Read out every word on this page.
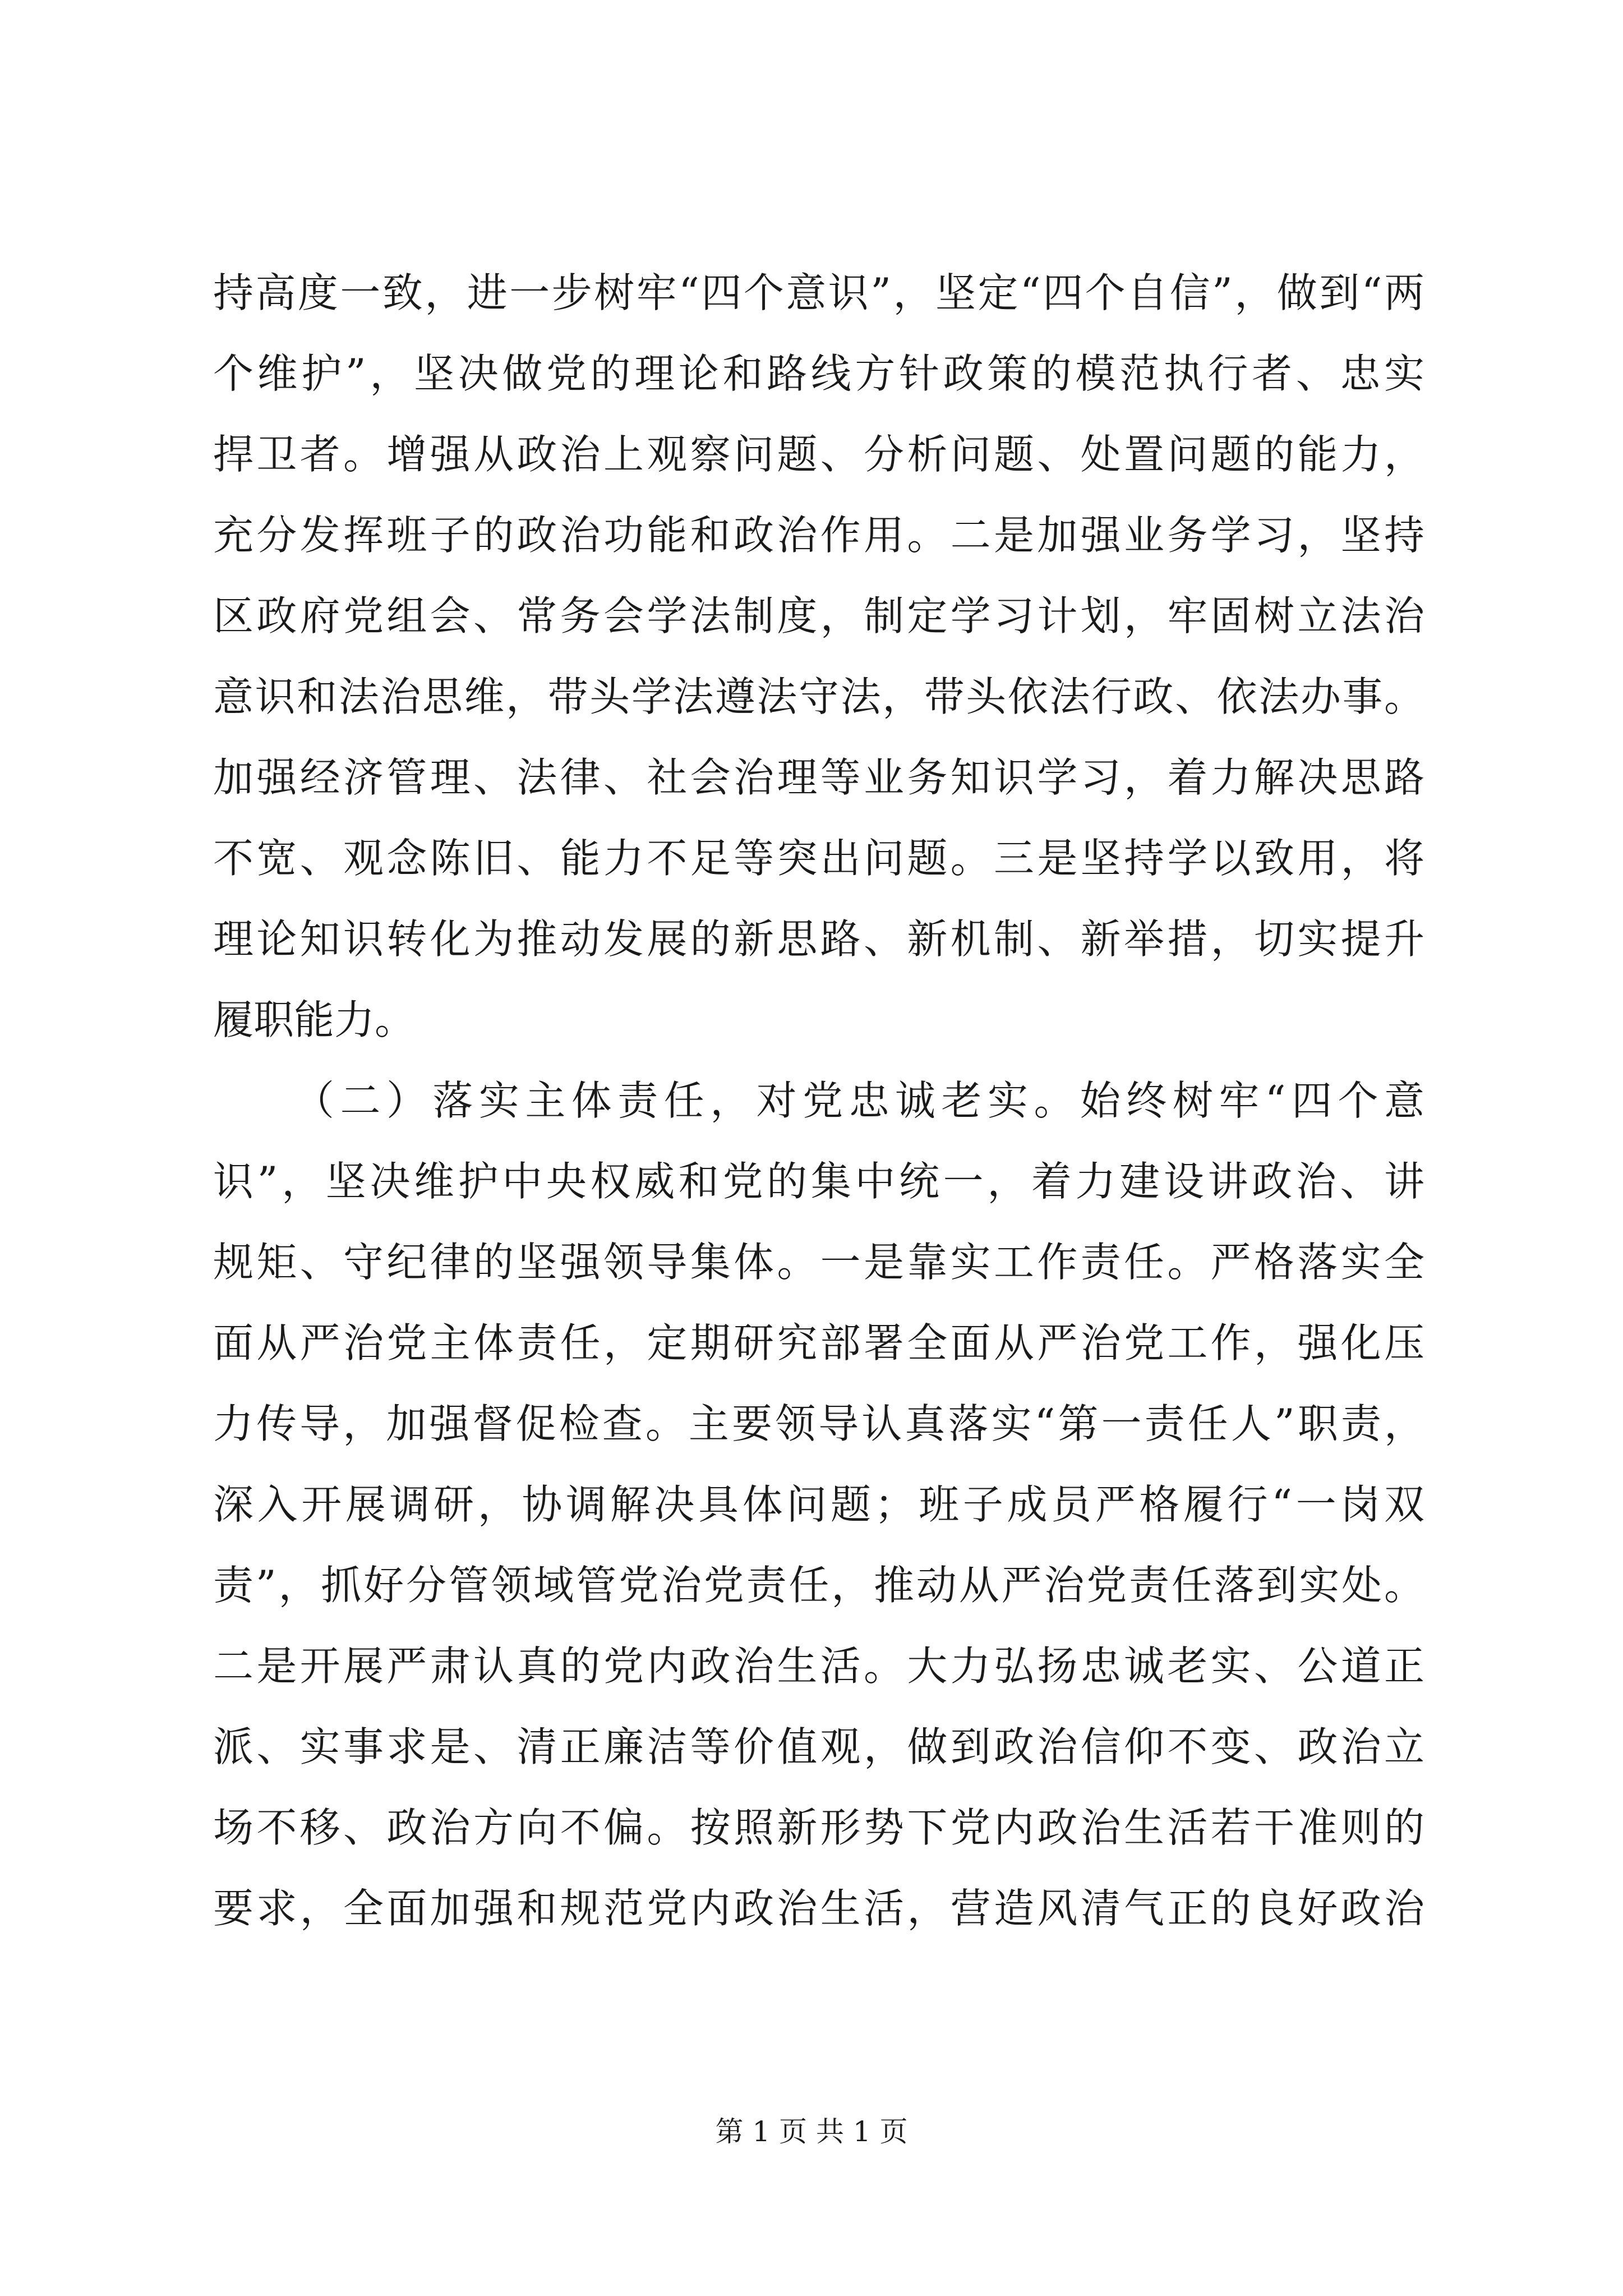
持高度一致，进一步树牢“四个意识”，坚定“四个自信”，做到“两
个维护”，坚决做党的理论和路线方针政策的模范执行者、忠实
捍卫者。增强从政治上观察问题、分析问题、处置问题的能力，
充分发挥班子的政治功能和政治作用。二是加强业务学习，坚持
区政府党组会、常务会学法制度，制定学习计划，牢固树立法治
意识和法治思维，带头学法遵法守法，带头依法行政、依法办事。
加强经济管理、法律、社会治理等业务知识学习，着力解决思路
不宽、观念陈旧、能力不足等突出问题。三是坚持学以致用，将
理论知识转化为推动发展的新思路、新机制、新举措，切实提升
履职能力。
（二）落实主体责任，对党忠诚老实。始终树牢“四个意
识”，坚决维护中央权威和党的集中统一，着力建设讲政治、讲
规矩、守纪律的坚强领导集体。一是靠实工作责任。严格落实全
面从严治党主体责任，定期研究部署全面从严治党工作，强化压
力传导，加强督促检查。主要领导认真落实“第一责任人”职责，
深入开展调研，协调解决具体问题；班子成员严格履行“一岗双
责”，抓好分管领域管党治党责任，推动从严治党责任落到实处。
二是开展严肃认真的党内政治生活。大力弘扬忠诚老实、公道正
派、实事求是、清正廉洁等价值观，做到政治信仰不变、政治立
场不移、政治方向不偏。按照新形势下党内政治生活若干准则的
要求，全面加强和规范党内政治生活，营造风清气正的良好政治
第 1 页 共 1 页
